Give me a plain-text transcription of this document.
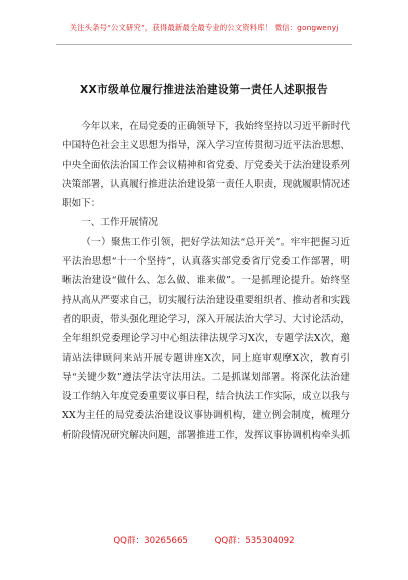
关注头条号“公文研究”，获得最新最全最专业的公文资料库！ 微信：gongwenyj
XX市级单位履行推进法治建设第一责任人述职报告

今年以来，在局党委的正确领导下，我始终坚持以习近平新时代中国特色社会主义思想为指导，深入学习宣传贯彻习近平法治思想、中央全面依法治国工作会议精神和省党委、厅党委关于法治建设系列决策部署，认真履行推进法治建设第一责任人职责，现就履职情况述职如下：

一、工作开展情况

（一）聚焦工作引领，把好学法知法“总开关”。牢牢把握习近平法治思想“十一个坚持”，认真落实部党委省厅党委工作部署，明晰法治建设“做什么、怎么做、谁来做”。一是抓理论提升。始终坚持从高从严要求自己，切实履行法治建设重要组织者、推动者和实践者的职责，带头强化理论学习，深入开展法治大学习、大讨论活动，全年组织党委理论学习中心组法律法规学习X次，专题学法X次，邀请站法律顾问来站开展专题讲座X次，同上庭审观摩X次，教育引导“关键少数”遵法学法守法用法。二是抓谋划部署。将深化法治建设工作纳入年度党委重要议事日程，结合执法工作实际，成立以我与XX为主任的局党委法治建设议事协调机构，建立例会制度，梳理分析阶段情况研究解决问题，部署推进工作，发挥议事协调机构牵头抓

QQ群：30265665	QQ群：535304092
